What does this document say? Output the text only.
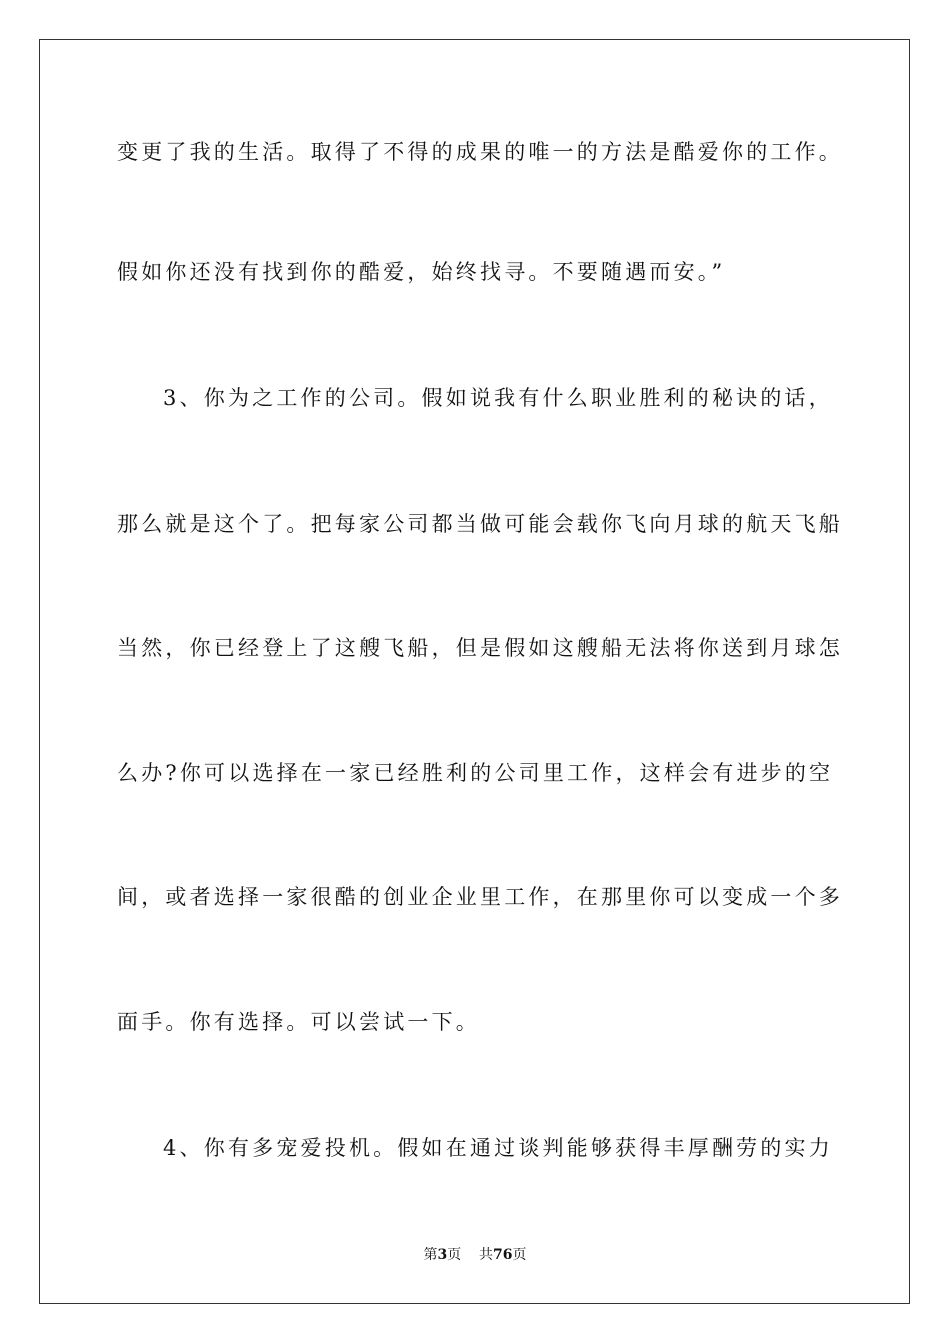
变更了我的生活。取得了不得的成果的唯一的方法是酷爱你的工作。
假如你还没有找到你的酷爱，始终找寻。不要随遇而安。”
3、你为之工作的公司。假如说我有什么职业胜利的秘诀的话，
那么就是这个了。把每家公司都当做可能会载你飞向月球的航天飞船
当然，你已经登上了这艘飞船，但是假如这艘船无法将你送到月球怎
么办?你可以选择在一家已经胜利的公司里工作，这样会有进步的空
间，或者选择一家很酷的创业企业里工作，在那里你可以变成一个多
面手。你有选择。可以尝试一下。
4、你有多宠爱投机。假如在通过谈判能够获得丰厚酬劳的实力
第3页 共76页
